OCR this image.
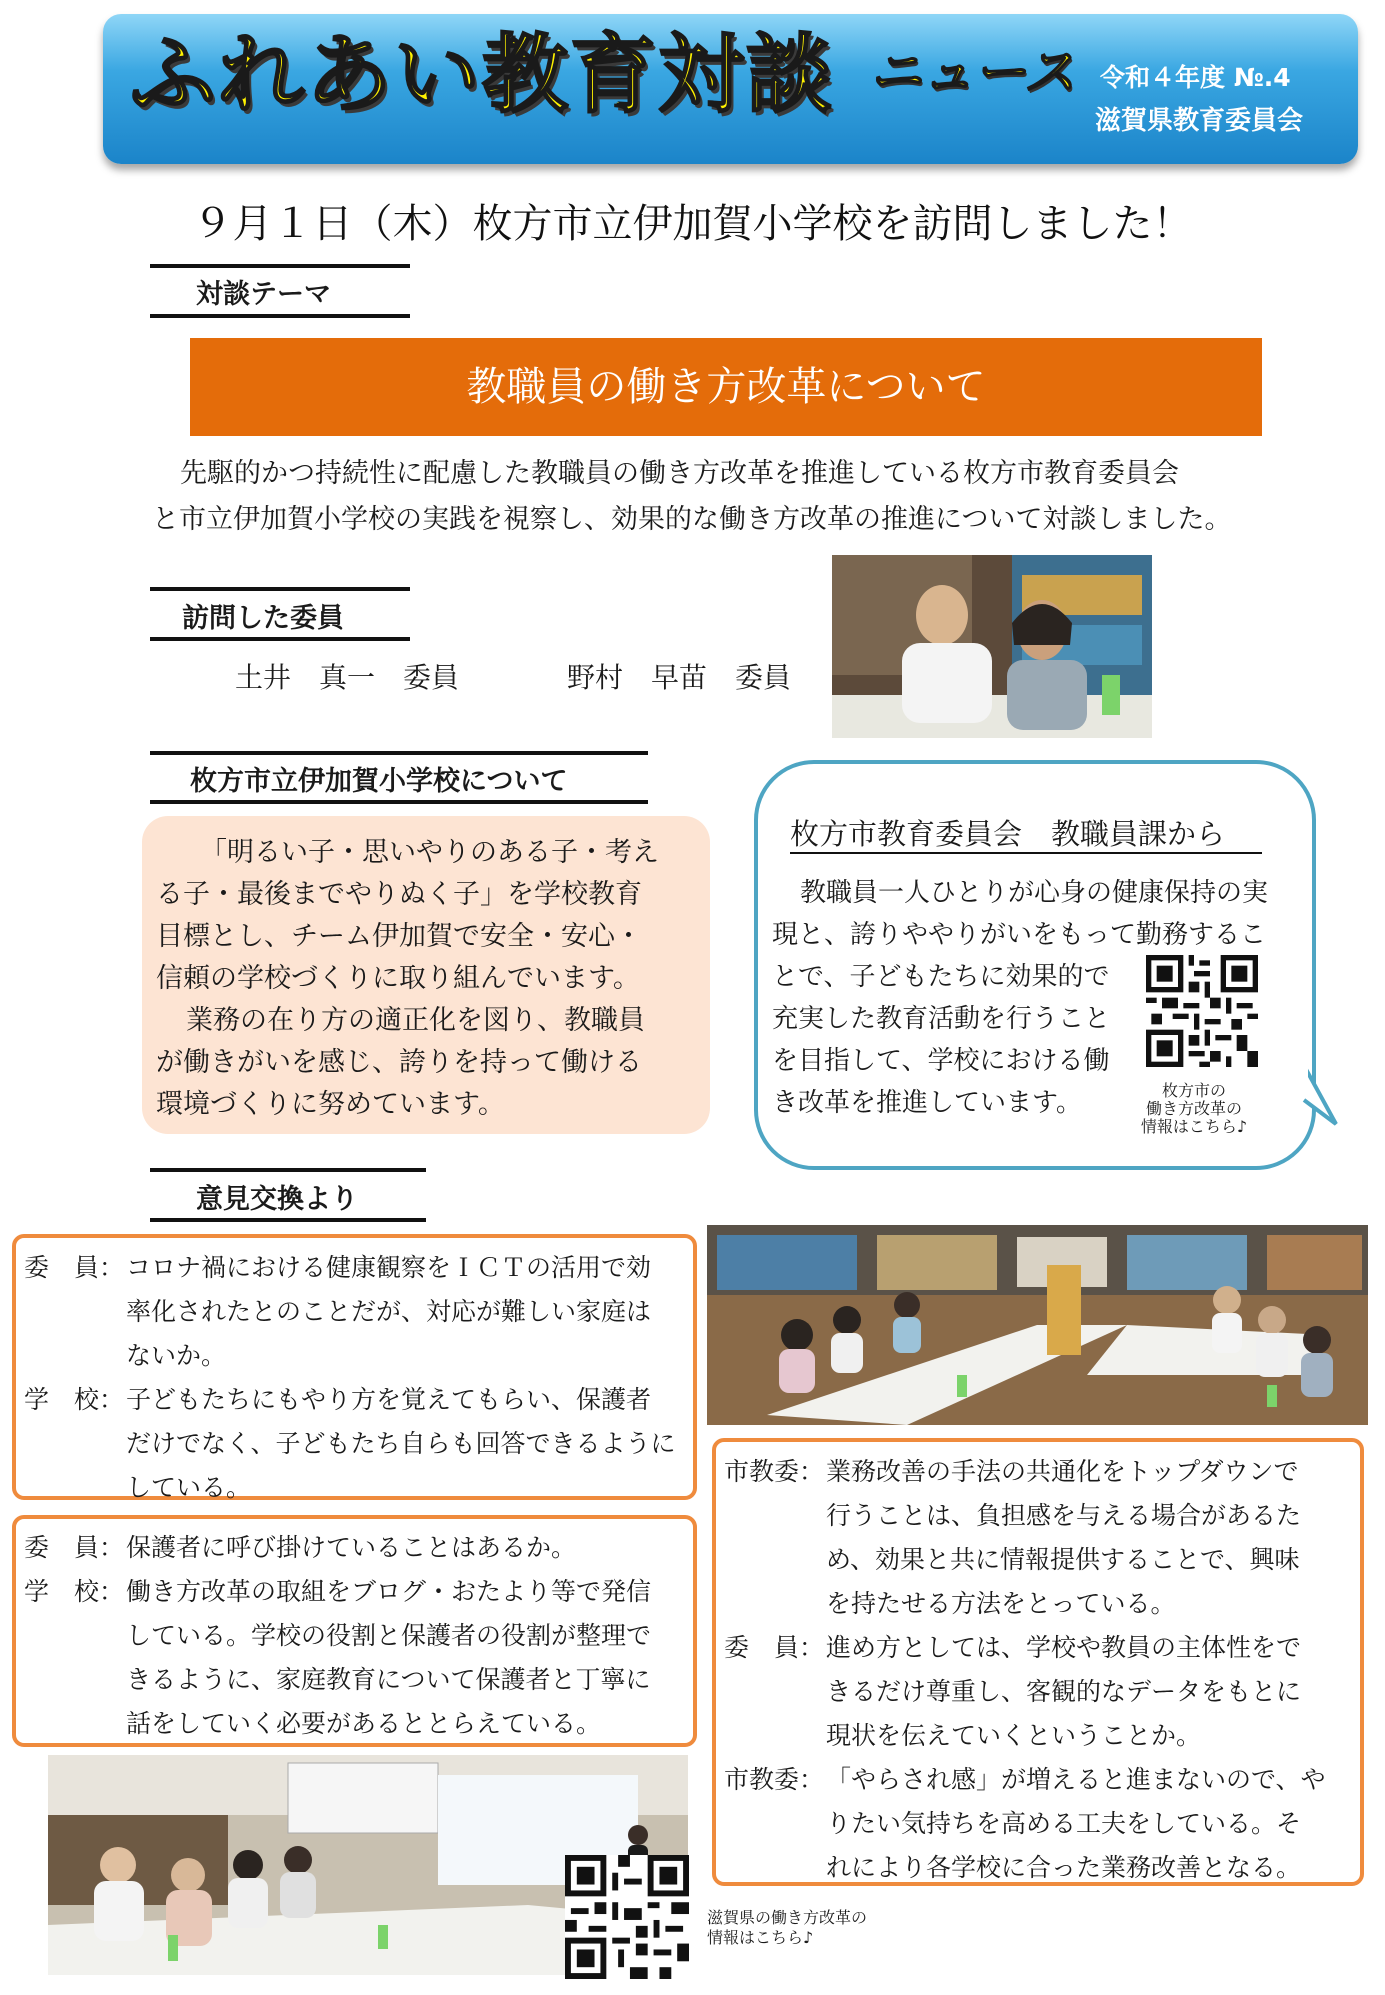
ふれあい教育対談 ニュース 令和４年度 №.4
滋賀県教育委員会
９月１日（木）枚方市立伊加賀小学校を訪問しました！
対談テーマ
教職員の働き方改革について
先駆的かつ持続性に配慮した教職員の働き方改革を推進している枚方市教育委員会
と市立伊加賀小学校の実践を視察し、効果的な働き方改革の推進について対談しました。
訪問した委員
土井　真一　委員	野村　早苗　委員
枚方市立伊加賀小学校について
「明るい子・思いやりのある子・考え
る子・最後までやりぬく子」を学校教育
目標とし、チーム伊加賀で安全・安心・
信頼の学校づくりに取り組んでいます。
業務の在り方の適正化を図り、教職員
が働きがいを感じ、誇りを持って働ける
環境づくりに努めています。
枚方市教育委員会　教職員課から
教職員一人ひとりが心身の健康保持の実
現と、誇りややりがいをもって勤務するこ
とで、子どもたちに効果的で
充実した教育活動を行うこと
を目指して、学校における働
き改革を推進しています。	枚方市の
働き方改革の
情報はこちら♪
意見交換より
委　員： コロナ禍における健康観察をＩＣＴの活用で効
率化されたとのことだが、対応が難しい家庭は
ないか。
学　校： 子どもたちにもやり方を覚えてもらい、保護者
だけでなく、子どもたち自らも回答できるように
している。
委　員： 保護者に呼び掛けていることはあるか。
学　校： 働き方改革の取組をブログ・おたより等で発信
している。学校の役割と保護者の役割が整理で
きるように、家庭教育について保護者と丁寧に
話をしていく必要があるととらえている。
市教委： 業務改善の手法の共通化をトップダウンで
行うことは、負担感を与える場合があるた
め、効果と共に情報提供することで、興味
を持たせる方法をとっている。
委　員： 進め方としては、学校や教員の主体性をで
きるだけ尊重し、客観的なデータをもとに
現状を伝えていくということか。
市教委： 「やらされ感」が増えると進まないので、や
りたい気持ちを高める工夫をしている。そ
れにより各学校に合った業務改善となる。
滋賀県の働き方改革の
情報はこちら♪
